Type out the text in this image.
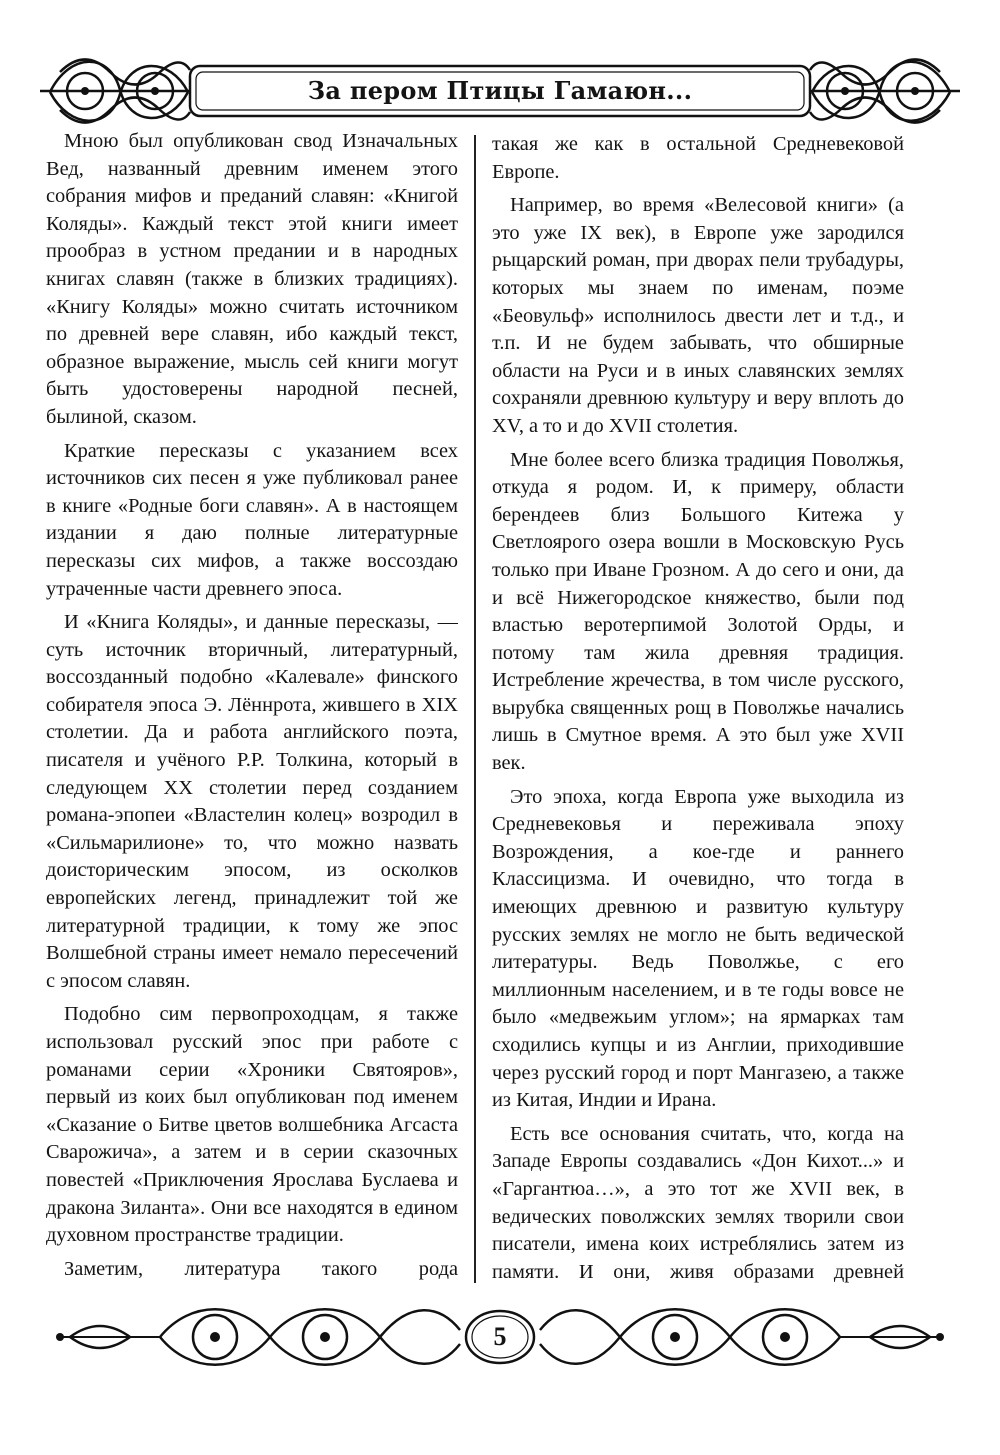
За пером Птицы Гамаюн...

Мною был опубликован свод Изначальных Вед, названный древним именем этого собрания мифов и преданий славян: «Книгой Коляды». Каждый текст этой книги имеет прообраз в устном предании и в народных книгах славян (также в близких традициях). «Книгу Коляды» можно считать источником по древней вере славян, ибо каждый текст, образное выражение, мысль сей книги могут быть удостоверены народной песней, былиной, сказом.

Краткие пересказы с указанием всех источников сих песен я уже публиковал ранее в книге «Родные боги славян». А в настоящем издании я даю полные литературные пересказы сих мифов, а также воссоздаю утраченные части древнего эпоса.

И «Книга Коляды», и данные пересказы, — суть источник вторичный, литературный, воссозданный подобно «Калевале» финского собирателя эпоса Э. Лённрота, жившего в XIX столетии. Да и работа английского поэта, писателя и учёного Р.Р. Толкина, который в следующем XX столетии перед созданием романа-эпопеи «Властелин колец» возродил в «Сильмарилионе» то, что можно назвать доисторическим эпосом, из осколков европейских легенд, принадлежит той же литературной традиции, к тому же эпос Волшебной страны имеет немало пересечений с эпосом славян.

Подобно сим первопроходцам, я также использовал русский эпос при работе с романами серии «Хроники Святояров», первый из коих был опубликован под именем «Сказание о Битве цветов волшебника Агсаста Сварожича», а затем и в серии сказочных повестей «Приключения Ярослава Буслаева и дракона Зиланта». Они все находятся в едином духовном пространстве традиции.

Заметим, литература такого рода

такая же как в остальной Средневековой Европе.

Например, во время «Велесовой книги» (а это уже IX век), в Европе уже зародился рыцарский роман, при дворах пели трубадуры, которых мы знаем по именам, поэме «Беовульф» исполнилось двести лет и т.д., и т.п. И не будем забывать, что обширные области на Руси и в иных славянских землях сохраняли древнюю культуру и веру вплоть до XV, а то и до XVII столетия.

Мне более всего близка традиция Поволжья, откуда я родом. И, к примеру, области берендеев близ Большого Китежа у Светлоярого озера вошли в Московскую Русь только при Иване Грозном. А до сего и они, да и всё Нижегородское княжество, были под властью веротерпимой Золотой Орды, и потому там жила древняя традиция. Истребление жречества, в том числе русского, вырубка священных рощ в Поволжье начались лишь в Смутное время. А это был уже XVII век.

Это эпоха, когда Европа уже выходила из Средневековья и переживала эпоху Возрождения, а кое-где и раннего Классицизма. И очевидно, что тогда в имеющих древнюю и развитую культуру русских землях не могло не быть ведической литературы. Ведь Поволжье, с его миллионным населением, и в те годы вовсе не было «медвежьим углом»; на ярмарках там сходились купцы и из Англии, приходившие через русский город и порт Мангазею, а также из Китая, Индии и Ирана.

Есть все основания считать, что, когда на Западе Европы создавались «Дон Кихот...» и «Гаргантюа…», а это тот же XVII век, в ведических поволжских землях творили свои писатели, имена коих истреблялись затем из памяти. И они, живя образами древней

5
